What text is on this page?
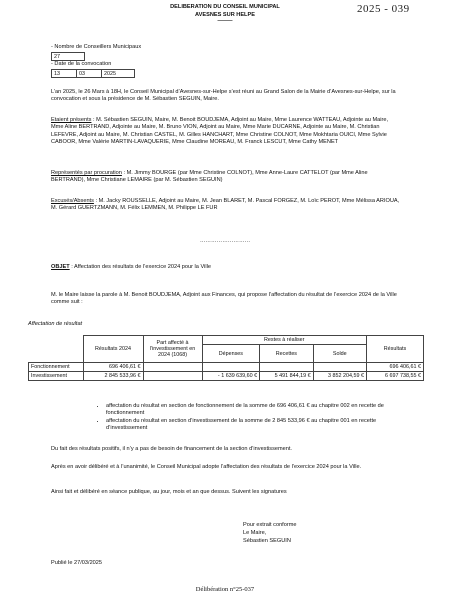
DELIBERATION DU CONSEIL MUNICIPAL
AVESNES SUR HELPE
———
2025 - 039
- Nombre de Conseillers Municipaux
27
- Date de la convocation
13	03	2025
L’an 2025, le 26 Mars à 18H, le Conseil Municipal d’Avesnes-sur-Helpe s’est réuni au Grand Salon de la Mairie d’Avesnes-sur-Helpe, sur la convocation et sous la présidence de M. Sébastien SEGUIN, Maire.
Etaient présents : M. Sébastien SEGUIN, Maire, M. Benoit BOUDJEMA, Adjoint au Maire, Mme Laurence WATTEAU, Adjointe au Maire, Mme Aline BERTRAND, Adjointe au Maire, M. Bruno VION, Adjoint au Maire, Mme Marie DUCARNE, Adjointe au Maire, M. Christian LEFEVRE, Adjoint au Maire, M. Christian CASTEL, M. Gilles HANCHART, Mme Christine COLNOT, Mme Mokhtaria OUICI, Mme Sylvie CABOOR, Mme Valérie MARTIN-LAVAQUERIE, Mme Claudine MOREAU, M. Franck LESCUT, Mme Cathy MENET
Représentés par procuration : M. Jimmy BOURGE (par Mme Christine COLNOT), Mme Anne-Laure CATTELOT (par Mme Aline BERTRAND), Mme Christiane LEMAIRE (par M. Sébastien SEGUIN)
Excusés/Absents : M. Jacky ROUSSELLE, Adjoint au Maire, M. Jean BLARET, M. Pascal FORGEZ, M. Loïc PEROT, Mme Mélissa ARIOUA, M. Gérard GUERTZMANN, M. Félix LEMMEN, M. Philippe LE FUR
………………………
OBJET : Affectation des résultats de l’exercice 2024 pour la Ville
M. le Maire laisse la parole à M. Benoit BOUDJEMA, Adjoint aux Finances, qui propose l’affectation du résultat de l’exercice 2024 de la Ville comme suit :
Affectation de résultat
	Résultats 2024	Part affecté à l’investissement en 2024 (1068)	Restes à réaliser			Résultats
			Dépenses	Recettes	Solde	
Fonctionnement	696 406,61 €					696 406,61 €
Investissement	2 845 533,96 €		- 1 639 639,60 €	5 491 844,19 €	3 852 204,59 €	6 697 738,55 €
• affectation du résultat en section de fonctionnement de la somme de 696 406,61 € au chapitre 002 en recette de fonctionnement
• affectation du résultat en section d’investissement de la somme de 2 845 533,96 € au chapitre 001 en recette d’investissement
Du fait des résultats positifs, il n’y a pas de besoin de financement de la section d’investissement.
Après en avoir délibéré et à l’unanimité, le Conseil Municipal adopte l’affectation des résultats de l’exercice 2024 pour la Ville.
Ainsi fait et délibéré en séance publique, au jour, mois et an que dessus. Suivent les signatures
Pour extrait conforme
Le Maire,
Sébastien SEGUIN
Publié le 27/03/2025
Délibération n°25-037
